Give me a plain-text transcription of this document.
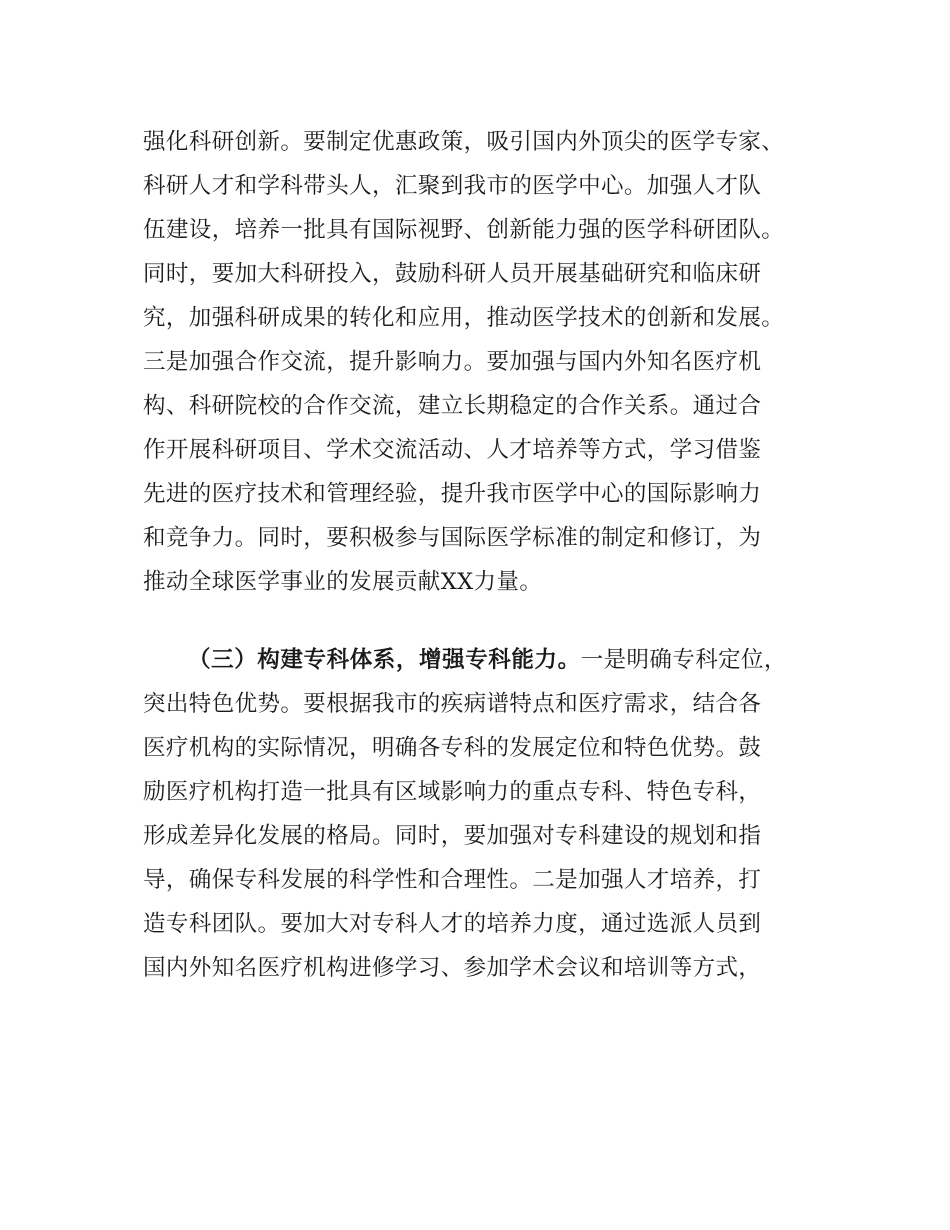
强化科研创新。要制定优惠政策，吸引国内外顶尖的医学专家、
科研人才和学科带头人，汇聚到我市的医学中心。加强人才队
伍建设，培养一批具有国际视野、创新能力强的医学科研团队。
同时，要加大科研投入，鼓励科研人员开展基础研究和临床研
究，加强科研成果的转化和应用，推动医学技术的创新和发展。
三是加强合作交流，提升影响力。要加强与国内外知名医疗机
构、科研院校的合作交流，建立长期稳定的合作关系。通过合
作开展科研项目、学术交流活动、人才培养等方式，学习借鉴
先进的医疗技术和管理经验，提升我市医学中心的国际影响力
和竞争力。同时，要积极参与国际医学标准的制定和修订，为
推动全球医学事业的发展贡献XX力量。
（三）构建专科体系，增强专科能力。一是明确专科定位，
突出特色优势。要根据我市的疾病谱特点和医疗需求，结合各
医疗机构的实际情况，明确各专科的发展定位和特色优势。鼓
励医疗机构打造一批具有区域影响力的重点专科、特色专科，
形成差异化发展的格局。同时，要加强对专科建设的规划和指
导，确保专科发展的科学性和合理性。二是加强人才培养，打
造专科团队。要加大对专科人才的培养力度，通过选派人员到
国内外知名医疗机构进修学习、参加学术会议和培训等方式，
